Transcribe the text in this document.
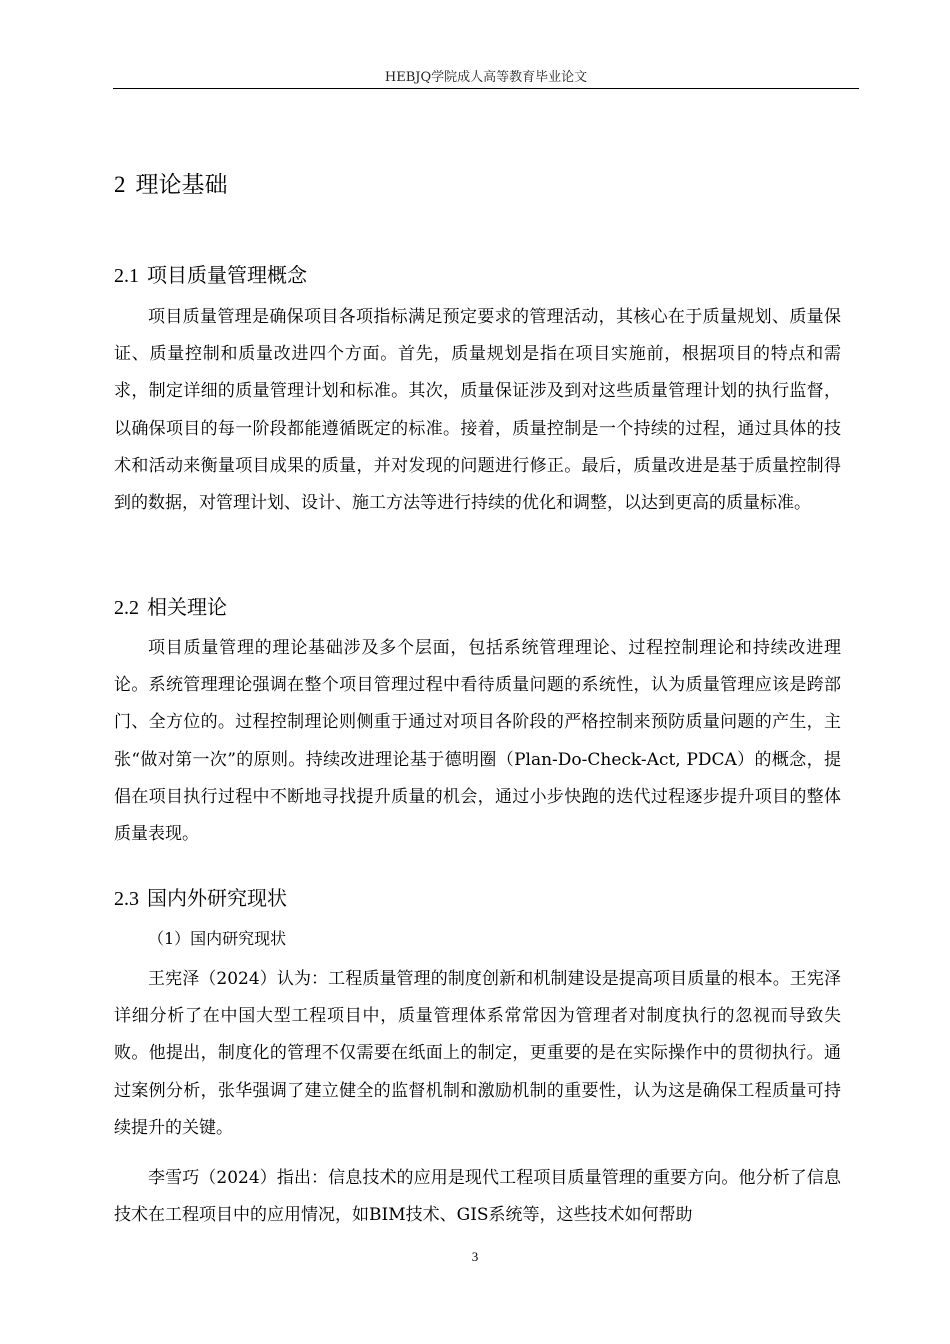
HEBJQ学院成人高等教育毕业论文
2 理论基础
2.1 项目质量管理概念

项目质量管理是确保项目各项指标满足预定要求的管理活动，其核心在于质量规划、质量保证、质量控制和质量改进四个方面。首先，质量规划是指在项目实施前，根据项目的特点和需求，制定详细的质量管理计划和标准。其次，质量保证涉及到对这些质量管理计划的执行监督，以确保项目的每一阶段都能遵循既定的标准。接着，质量控制是一个持续的过程，通过具体的技术和活动来衡量项目成果的质量，并对发现的问题进行修正。最后，质量改进是基于质量控制得到的数据，对管理计划、设计、施工方法等进行持续的优化和调整，以达到更高的质量标准。

2.2 相关理论

项目质量管理的理论基础涉及多个层面，包括系统管理理论、过程控制理论和持续改进理论。系统管理理论强调在整个项目管理过程中看待质量问题的系统性，认为质量管理应该是跨部门、全方位的。过程控制理论则侧重于通过对项目各阶段的严格控制来预防质量问题的产生，主张“做对第一次”的原则。持续改进理论基于德明圈（Plan-Do-Check-Act, PDCA）的概念，提倡在项目执行过程中不断地寻找提升质量的机会，通过小步快跑的迭代过程逐步提升项目的整体质量表现。

2.3 国内外研究现状
（1）国内研究现状

王宪泽（2024）认为：工程质量管理的制度创新和机制建设是提高项目质量的根本。王宪泽详细分析了在中国大型工程项目中，质量管理体系常常因为管理者对制度执行的忽视而导致失败。他提出，制度化的管理不仅需要在纸面上的制定，更重要的是在实际操作中的贯彻执行。通过案例分析，张华强调了建立健全的监督机制和激励机制的重要性，认为这是确保工程质量可持续提升的关键。

李雪巧（2024）指出：信息技术的应用是现代工程项目质量管理的重要方向。他分析了信息技术在工程项目中的应用情况，如BIM技术、GIS系统等，这些技术如何帮助

3
